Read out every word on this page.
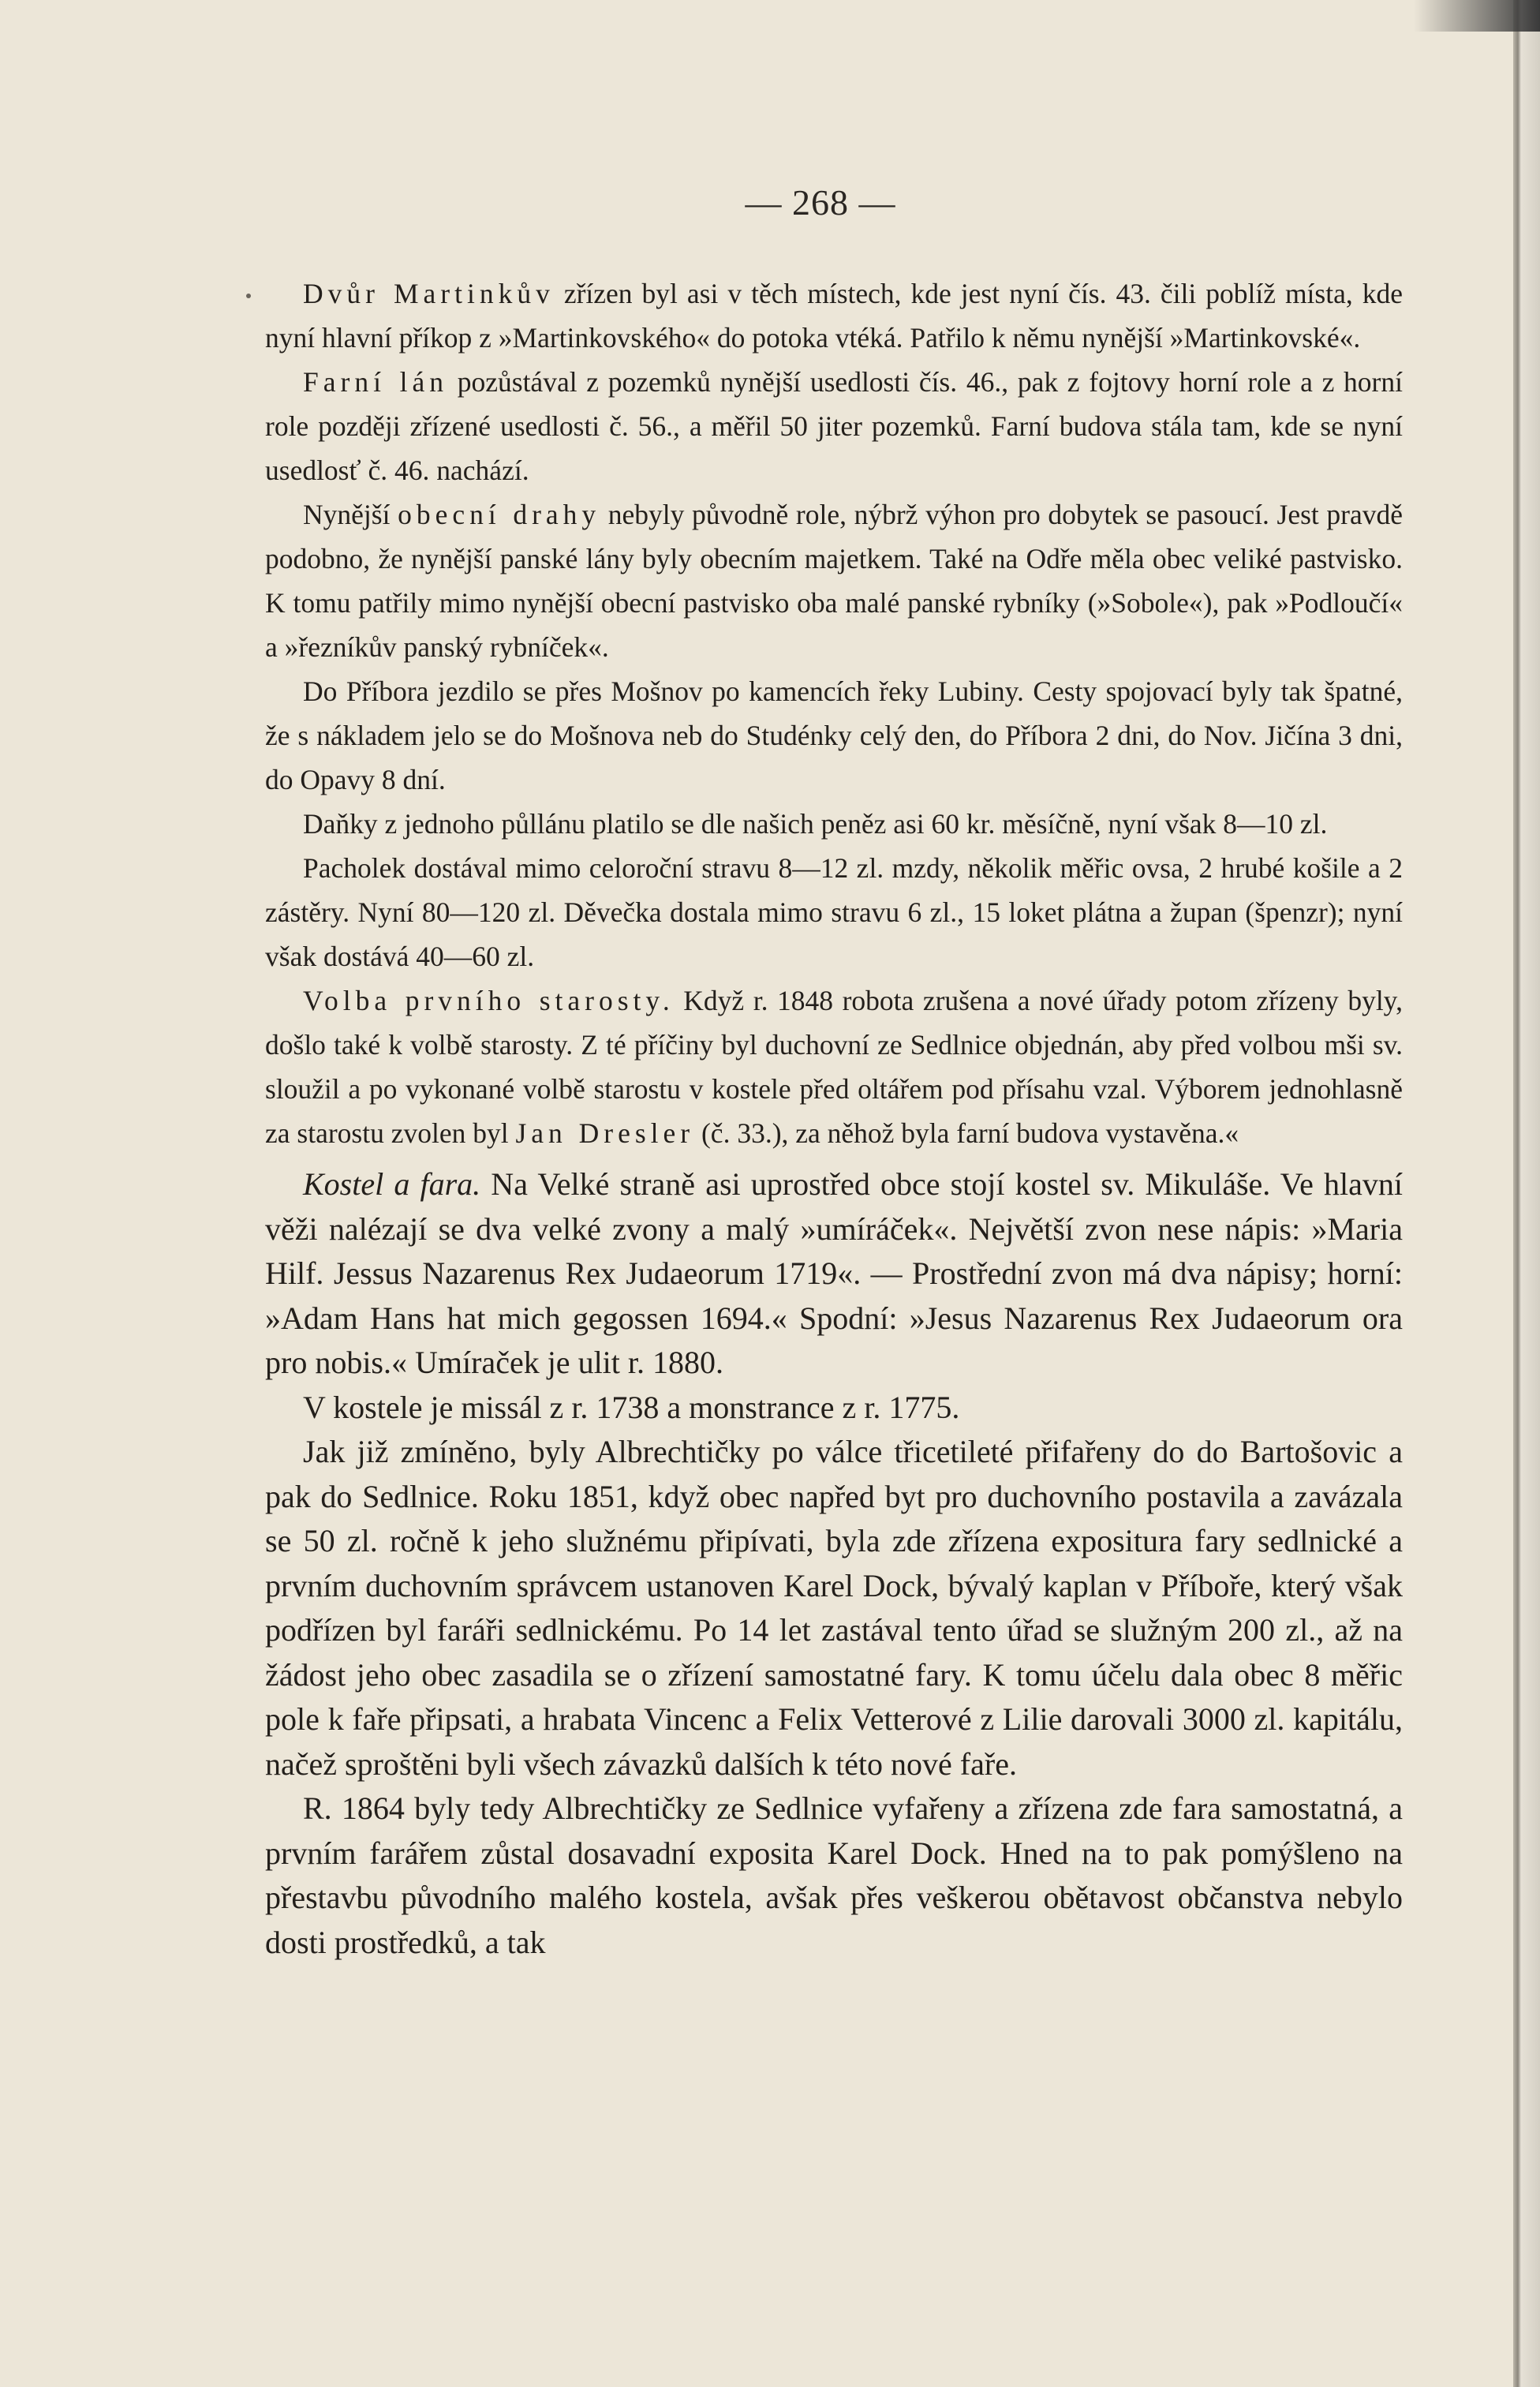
— 268 —

Dvůr Martinkův zřízen byl asi v těch místech, kde jest nyní čís. 43. čili poblíž místa, kde nyní hlavní příkop z »Martinkovského« do potoka vtéká. Patřilo k němu nynější »Martinkovské«.

Farní lán pozůstával z pozemků nynější usedlosti čís. 46., pak z fojtovy horní role a z horní role později zřízené usedlosti č. 56., a měřil 50 jiter pozemků. Farní budova stála tam, kde se nyní usedlosť č. 46. nachází.

Nynější obecní drahy nebyly původně role, nýbrž výhon pro dobytek se pasoucí. Jest pravdě podobno, že nynější panské lány byly obecním majetkem. Také na Odře měla obec veliké pastvisko. K tomu patřily mimo nynější obecní pastvisko oba malé panské rybníky (»Sobole«), pak »Podloučí« a »řezníkův panský rybníček«.

Do Příbora jezdilo se přes Mošnov po kamencích řeky Lubiny. Cesty spojovací byly tak špatné, že s nákladem jelo se do Mošnova neb do Studénky celý den, do Příbora 2 dni, do Nov. Jičína 3 dni, do Opavy 8 dní.

Daňky z jednoho půllánu platilo se dle našich peněz asi 60 kr. měsíčně, nyní však 8—10 zl.

Pacholek dostával mimo celoroční stravu 8—12 zl. mzdy, několik měřic ovsa, 2 hrubé košile a 2 zástěry. Nyní 80—120 zl. Děvečka dostala mimo stravu 6 zl., 15 loket plátna a župan (špenzr); nyní však dostává 40—60 zl.

Volba prvního starosty. Když r. 1848 robota zrušena a nové úřady potom zřízeny byly, došlo také k volbě starosty. Z té příčiny byl duchovní ze Sedlnice objednán, aby před volbou mši sv. sloužil a po vykonané volbě starostu v kostele před oltářem pod přísahu vzal. Výborem jednohlasně za starostu zvolen byl Jan Dresler (č. 33.), za něhož byla farní budova vystavěna.«

Kostel a fara. Na Velké straně asi uprostřed obce stojí kostel sv. Mikuláše. Ve hlavní věži nalézají se dva velké zvony a malý »umíráček«. Největší zvon nese nápis: »Maria Hilf. Jessus Nazarenus Rex Judaeorum 1719«. — Prostřední zvon má dva nápisy; horní: »Adam Hans hat mich gegossen 1694.« Spodní: »Jesus Nazarenus Rex Judaeorum ora pro nobis.« Umíraček je ulit r. 1880.

V kostele je missál z r. 1738 a monstrance z r. 1775.

Jak již zmíněno, byly Albrechtičky po válce třicetileté přifařeny do do Bartošovic a pak do Sedlnice. Roku 1851, když obec napřed byt pro duchovního postavila a zavázala se 50 zl. ročně k jeho služnému připívati, byla zde zřízena expositura fary sedlnické a prvním duchovním správcem ustanoven Karel Dock, bývalý kaplan v Příboře, který však podřízen byl faráři sedlnickému. Po 14 let zastával tento úřad se služným 200 zl., až na žádost jeho obec zasadila se o zřízení samostatné fary. K tomu účelu dala obec 8 měřic pole k faře připsati, a hrabata Vincenc a Felix Vetterové z Lilie darovali 3000 zl. kapitálu, načež sproštěni byli všech závazků dalších k této nové faře.

R. 1864 byly tedy Albrechtičky ze Sedlnice vyfařeny a zřízena zde fara samostatná, a prvním farářem zůstal dosavadní exposita Karel Dock. Hned na to pak pomýšleno na přestavbu původního malého kostela, avšak přes veškerou obětavost občanstva nebylo dosti prostředků, a tak
